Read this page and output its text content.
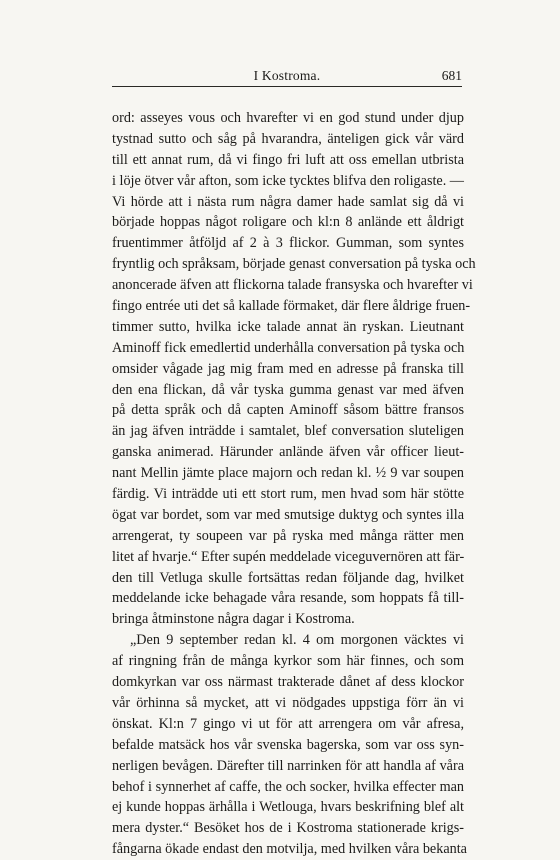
I Kostroma.	681
ord: asseyes vous och hvarefter vi en god stund under djup
tystnad sutto och såg på hvarandra, änteligen gick vår värd
till ett annat rum, då vi fingo fri luft att oss emellan utbrista
i löje ötver vår afton, som icke tycktes blifva den roligaste. —
Vi hörde att i nästa rum några damer hade samlat sig då vi
började hoppas något roligare och kl:n 8 anlände ett åldrigt
fruentimmer åtföljd af 2 à 3 flickor. Gumman, som syntes
fryntlig och språksam, började genast conversation på tyska och
anoncerade äfven att flickorna talade fransyska och hvarefter vi
fingo entrée uti det så kallade förmaket, där flere åldrige fruen-
timmer sutto, hvilka icke talade annat än ryskan. Lieutnant
Aminoff fick emedlertid underhålla conversation på tyska och
omsider vågade jag mig fram med en adresse på franska till
den ena flickan, då vår tyska gumma genast var med äfven
på detta språk och då capten Aminoff såsom bättre fransos
än jag äfven inträdde i samtalet, blef conversation sluteligen
ganska animerad. Härunder anlände äfven vår officer lieut-
nant Mellin jämte place majorn och redan kl. ½ 9 var soupen
färdig. Vi inträdde uti ett stort rum, men hvad som här stötte
ögat var bordet, som var med smutsige duktyg och syntes illa
arrengerat, ty soupeen var på ryska med många rätter men
litet af hvarje.“ Efter supén meddelade viceguvernören att fär-
den till Vetluga skulle fortsättas redan följande dag, hvilket
meddelande icke behagade våra resande, som hoppats få till-
bringa åtminstone några dagar i Kostroma.
„Den 9 september redan kl. 4 om morgonen väcktes vi
af ringning från de många kyrkor som här finnes, och som
domkyrkan var oss närmast trakterade dånet af dess klockor
vår örhinna så mycket, att vi nödgades uppstiga förr än vi
önskat. Kl:n 7 gingo vi ut för att arrengera om vår afresa,
befalde matsäck hos vår svenska bagerska, som var oss syn-
nerligen bevågen. Därefter till narrinken för att handla af våra
behof i synnerhet af caffe, the och socker, hvilka effecter man
ej kunde hoppas ärhålla i Wetlouga, hvars beskrifning blef alt
mera dyster.“ Besöket hos de i Kostroma stationerade krigs-
fångarna ökade endast den motvilja, med hvilken våra bekanta
